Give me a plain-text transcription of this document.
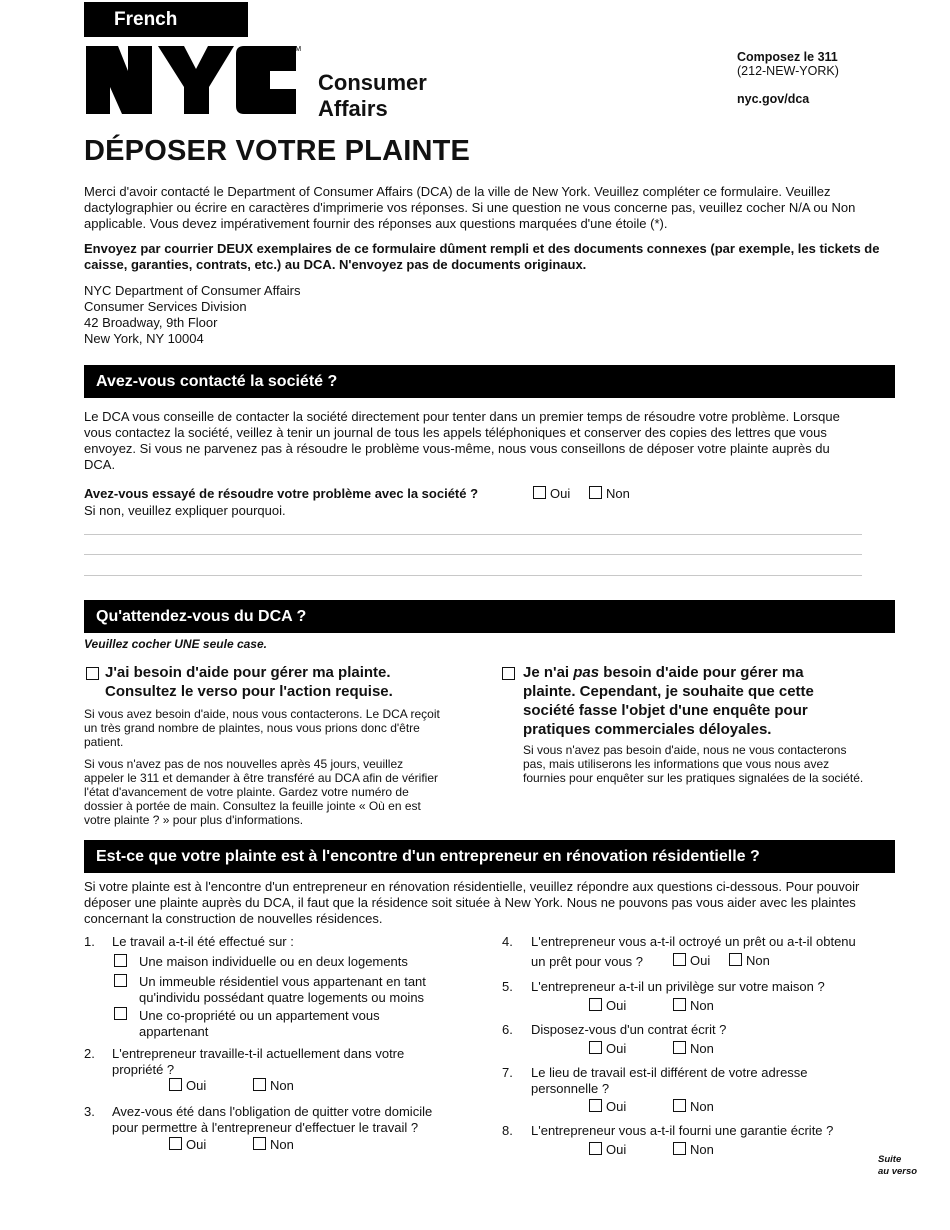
French
TM
Consumer
Affairs
Composez le 311
(212-NEW-YORK)
nyc.gov/dca
DÉPOSER VOTRE PLAINTE
Merci d'avoir contacté le Department of Consumer Affairs (DCA) de la ville de New York. Veuillez compléter ce formulaire. Veuillez dactylographier ou écrire en caractères d'imprimerie vos réponses. Si une question ne vous concerne pas, veuillez cocher N/A ou Non applicable. Vous devez impérativement fournir des réponses aux questions marquées d'une étoile (*).
Envoyez par courrier DEUX exemplaires de ce formulaire dûment rempli et des documents connexes (par exemple, les tickets de caisse, garanties, contrats, etc.) au DCA. N'envoyez pas de documents originaux.
NYC Department of Consumer Affairs
Consumer Services Division
42 Broadway, 9th Floor
New York, NY 10004
Avez-vous contacté la société ?
Le DCA vous conseille de contacter la société directement pour tenter dans un premier temps de résoudre votre problème. Lorsque vous contactez la société, veillez à tenir un journal de tous les appels téléphoniques et conserver des copies des lettres que vous envoyez. Si vous ne parvenez pas à résoudre le problème vous-même, nous vous conseillons de déposer votre plainte auprès du DCA.
Avez-vous essayé de résoudre votre problème avec la société ?	Oui	Non
Si non, veuillez expliquer pourquoi.
Qu'attendez-vous du DCA ?
Veuillez cocher UNE seule case.
J'ai besoin d'aide pour gérer ma plainte.
Consultez le verso pour l'action requise.
Si vous avez besoin d'aide, nous vous contacterons. Le DCA reçoit un très grand nombre de plaintes, nous vous prions donc d'être patient.
Si vous n'avez pas de nos nouvelles après 45 jours, veuillez appeler le 311 et demander à être transféré au DCA afin de vérifier l'état d'avancement de votre plainte. Gardez votre numéro de dossier à portée de main. Consultez la feuille jointe « Où en est votre plainte ? » pour plus d'informations.
Je n'ai pas besoin d'aide pour gérer ma plainte. Cependant, je souhaite que cette société fasse l'objet d'une enquête pour pratiques commerciales déloyales.
Si vous n'avez pas besoin d'aide, nous ne vous contacterons pas, mais utiliserons les informations que vous nous avez fournies pour enquêter sur les pratiques signalées de la société.
Est-ce que votre plainte est à l'encontre d'un entrepreneur en rénovation résidentielle ?
Si votre plainte est à l'encontre d'un entrepreneur en rénovation résidentielle, veuillez répondre aux questions ci-dessous. Pour pouvoir déposer une plainte auprès du DCA, il faut que la résidence soit située à New York. Nous ne pouvons pas vous aider avec les plaintes concernant la construction de nouvelles résidences.
1. Le travail a-t-il été effectué sur :
Une maison individuelle ou en deux logements
Un immeuble résidentiel vous appartenant en tant
qu'individu possédant quatre logements ou moins
Une co-propriété ou un appartement vous
appartenant
2. L'entrepreneur travaille-t-il actuellement dans votre
propriété ?
Oui	Non
3. Avez-vous été dans l'obligation de quitter votre domicile
pour permettre à l'entrepreneur d'effectuer le travail ?
Oui	Non
4. L'entrepreneur vous a-t-il octroyé un prêt ou a-t-il obtenu
un prêt pour vous ?	Oui	Non
5. L'entrepreneur a-t-il un privilège sur votre maison ?
Oui	Non
6. Disposez-vous d'un contrat écrit ?
Oui	Non
7. Le lieu de travail est-il différent de votre adresse
personnelle ?
Oui	Non
8. L'entrepreneur vous a-t-il fourni une garantie écrite ?
Oui	Non
Suite
au verso
